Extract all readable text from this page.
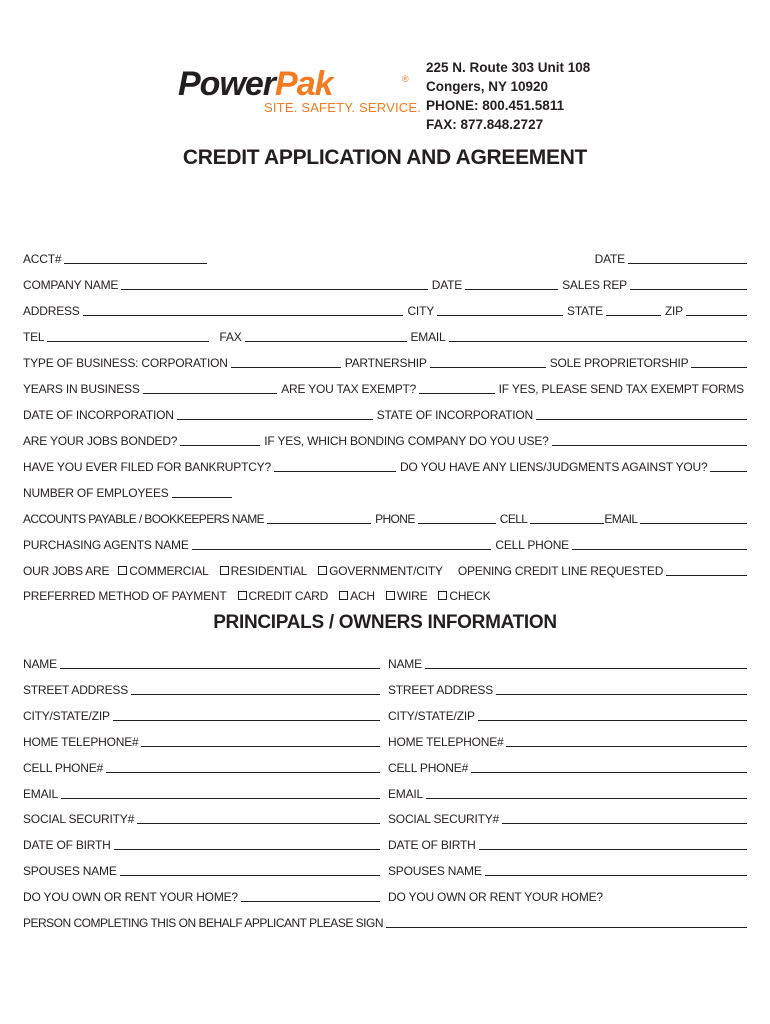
PowerPak	®
SITE. SAFETY. SERVICE.
225 N. Route 303 Unit 108
Congers, NY 10920
PHONE: 800.451.5811
FAX: 877.848.2727
CREDIT APPLICATION AND AGREEMENT
ACCT#	DATE
COMPANY NAME	DATE	SALES REP
ADDRESS	CITY	STATE	ZIP
TEL	FAX	EMAIL
TYPE OF BUSINESS: CORPORATION	PARTNERSHIP	SOLE PROPRIETORSHIP
YEARS IN BUSINESS	ARE YOU TAX EXEMPT?	IF YES, PLEASE SEND TAX EXEMPT FORMS
DATE OF INCORPORATION	STATE OF INCORPORATION
ARE YOUR JOBS BONDED?	IF YES, WHICH BONDING COMPANY DO YOU USE?
HAVE YOU EVER FILED FOR BANKRUPTCY?	DO YOU HAVE ANY LIENS/JUDGMENTS AGAINST YOU?
NUMBER OF EMPLOYEES
ACCOUNTS PAYABLE / BOOKKEEPERS NAME	PHONE	CELL	EMAIL
PURCHASING AGENTS NAME	CELL PHONE
OUR JOBS ARE COMMERCIAL RESIDENTIAL GOVERNMENT/CITY OPENING CREDIT LINE REQUESTED
PREFERRED METHOD OF PAYMENT CREDIT CARD ACH WIRE CHECK
PRINCIPALS / OWNERS INFORMATION
NAME	NAME
STREET ADDRESS	STREET ADDRESS
CITY/STATE/ZIP	CITY/STATE/ZIP
HOME TELEPHONE#	HOME TELEPHONE#
CELL PHONE#	CELL PHONE#
EMAIL	EMAIL
SOCIAL SECURITY#	SOCIAL SECURITY#
DATE OF BIRTH	DATE OF BIRTH
SPOUSES NAME	SPOUSES NAME
DO YOU OWN OR RENT YOUR HOME?	DO YOU OWN OR RENT YOUR HOME?
PERSON COMPLETING THIS ON BEHALF APPLICANT PLEASE SIGN
